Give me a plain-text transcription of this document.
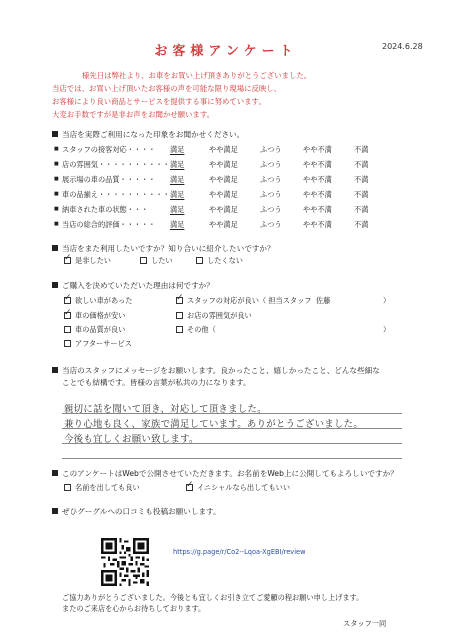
2024.6.28
お客様アンケート
様先日は弊社より、お車をお買い上げ頂きありがとうございました。
当店では、お買い上げ頂いたお客様の声を可能な限り現場に反映し、
お客様により良い商品とサービスを提供する事に努めています。
大変お手数ですが是非お声をお聞かせ願います。
当店を実際ご利用になった印象をお聞かせください。
■ スタッフの接客対応・・・・ 満足	やや満足	ふつう	やや不満	不満
■ 店の雰囲気・・・・・・・・・・ 満足	やや満足	ふつう	やや不満	不満
■ 展示場の車の品質・・・・・ 満足	やや満足	ふつう	やや不満	不満
■ 車の品揃え・・・・・・・・・・ 満足	やや満足	ふつう	やや不満	不満
■ 納車された車の状態・・・	満足	やや満足	ふつう	やや不満	不満
■ 当店の総合的評価・・・・・ 満足	やや満足	ふつう	やや不満	不満
当店をまた利用したいですか？知り合いに紹介したいですか？
✓是非したい	したい	したくない
ご購入を決めていただいた理由は何ですか？
✓欲しい車があった ✓	スタッフの対応が良い（ 担当スタッフ 佐藤	）
✓車の価格が安い	お店の雰囲気が良い
車の品質が良い	その他（	）
アフターサービス
当店のスタッフにメッセージをお願いします。良かったこと、嬉しかったこと、どんな些細な
ことでも結構です。皆様の言葉が私共の力になります。
親切に話を聞いて頂き、対応して頂きました。
兼り心地も良く、家族で満足しています。ありがとうございました。
今後も宜しくお願い致します。
このアンケートはWebで公開させていただきます。お名前をWeb上に公開してもよろしいですか？
名前を出しても良い ✓	イニシャルなら出してもいい
ぜひグーグルへの口コミも投稿お願いします。
https://g.page/r/Co2--Lqoa-XgEBI/review
ご協力ありがとうございました。今後とも宜しくお引き立てご愛顧の程お願い申し上げます。
またのご来店を心からお待ちしております。
スタッフ一同
